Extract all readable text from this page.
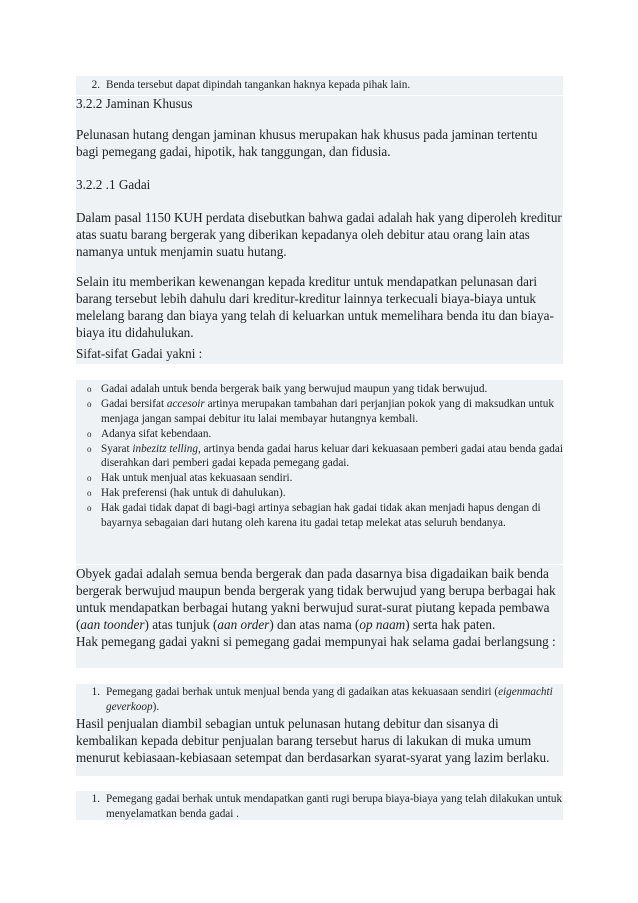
2. Benda tersebut dapat dipindah tangankan haknya kepada pihak lain.
3.2.2 Jaminan Khusus
Pelunasan hutang dengan jaminan khusus merupakan hak khusus pada jaminan tertentu bagi pemegang gadai, hipotik, hak tanggungan, dan fidusia.
3.2.2 .1 Gadai
Dalam pasal 1150 KUH perdata disebutkan bahwa gadai adalah hak yang diperoleh kreditur atas suatu barang bergerak yang diberikan kepadanya oleh debitur atau orang lain atas namanya untuk menjamin suatu hutang.
Selain itu memberikan kewenangan kepada kreditur untuk mendapatkan pelunasan dari barang tersebut lebih dahulu dari kreditur-kreditur lainnya terkecuali biaya-biaya untuk melelang barang dan biaya yang telah di keluarkan untuk memelihara benda itu dan biaya-biaya itu didahulukan.
Sifat-sifat Gadai yakni :
o Gadai adalah untuk benda bergerak baik yang berwujud maupun yang tidak berwujud.
o Gadai bersifat accesoir artinya merupakan tambahan dari perjanjian pokok yang di maksudkan untuk menjaga jangan sampai debitur itu lalai membayar hutangnya kembali.
o Adanya sifat kebendaan.
o Syarat inbezitz telling, artinya benda gadai harus keluar dari kekuasaan pemberi gadai atau benda gadai diserahkan dari pemberi gadai kepada pemegang gadai.
o Hak untuk menjual atas kekuasaan sendiri.
o Hak preferensi (hak untuk di dahulukan).
o Hak gadai tidak dapat di bagi-bagi artinya sebagian hak gadai tidak akan menjadi hapus dengan di bayarnya sebagaian dari hutang oleh karena itu gadai tetap melekat atas seluruh bendanya.
Obyek gadai adalah semua benda bergerak dan pada dasarnya bisa digadaikan baik benda bergerak berwujud maupun benda bergerak yang tidak berwujud yang berupa berbagai hak untuk mendapatkan berbagai hutang yakni berwujud surat-surat piutang kepada pembawa (aan toonder) atas tunjuk (aan order) dan atas nama (op naam) serta hak paten.
Hak pemegang gadai yakni si pemegang gadai mempunyai hak selama gadai berlangsung :
1. Pemegang gadai berhak untuk menjual benda yang di gadaikan atas kekuasaan sendiri (eigenmachti geverkoop).
Hasil penjualan diambil sebagian untuk pelunasan hutang debitur dan sisanya di kembalikan kepada debitur penjualan barang tersebut harus di lakukan di muka umum menurut kebiasaan-kebiasaan setempat dan berdasarkan syarat-syarat yang lazim berlaku.
1. Pemegang gadai berhak untuk mendapatkan ganti rugi berupa biaya-biaya yang telah dilakukan untuk menyelamatkan benda gadai .
